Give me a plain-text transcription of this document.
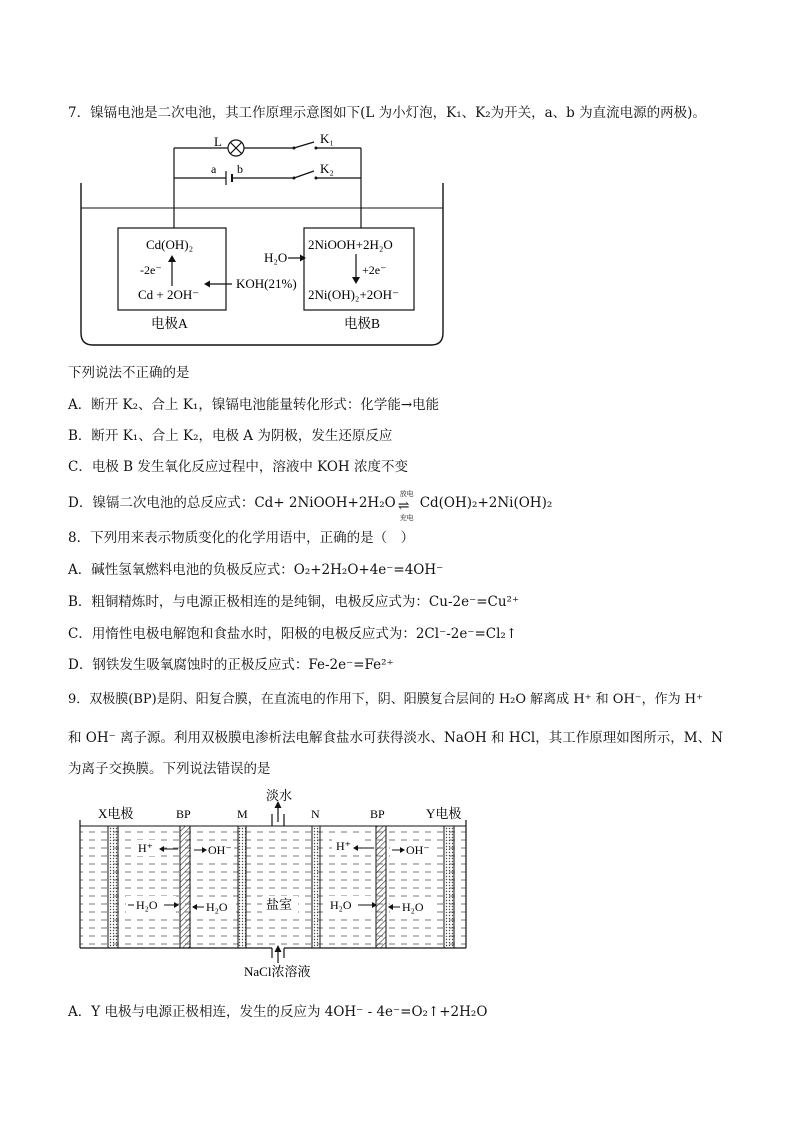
7．镍镉电池是二次电池，其工作原理示意图如下(L 为小灯泡，K₁、K₂为开关，a、b 为直流电源的两极)。
L	K₁
a b	K₂
Cd(OH)₂
-2e⁻
Cd + 2OH⁻
2NiOOH+2H₂O
+2e⁻
2Ni(OH)₂+2OH⁻
H₂O
KOH(21%)
电极A	电极B
下列说法不正确的是
A．断开 K₂、合上 K₁，镍镉电池能量转化形式：化学能→电能
B．断开 K₁、合上 K₂，电极 A 为阴极，发生还原反应
C．电极 B 发生氧化反应过程中，溶液中 KOH 浓度不变
D．镍镉二次电池的总反应式：Cd+ 2NiOOH+2H₂O
放电
⇌
充电
Cd(OH)₂+2Ni(OH)₂
8．下列用来表示物质变化的化学用语中，正确的是（　）
A．碱性氢氧燃料电池的负极反应式：O₂+2H₂O+4e⁻=4OH⁻
B．粗铜精炼时，与电源正极相连的是纯铜，电极反应式为：Cu-2e⁻=Cu²⁺
C．用惰性电极电解饱和食盐水时，阳极的电极反应式为：2Cl⁻-2e⁻=Cl₂↑
D．钢铁发生吸氧腐蚀时的正极反应式：Fe-2e⁻=Fe²⁺
9．双极膜(BP)是阴、阳复合膜，在直流电的作用下，阴、阳膜复合层间的 H₂O 解离成 H⁺ 和 OH⁻，作为 H⁺
和 OH⁻ 离子源。利用双极膜电渗析法电解食盐水可获得淡水、NaOH 和 HCl，其工作原理如图所示，M、N
为离子交换膜。下列说法错误的是
淡水
NaCl浓溶液
X电极	BP	M	N	BP	Y电极
H⁺	OH⁻
H₂O	H₂O	盐室
H⁺	OH⁻
H₂O	H₂O
A．Y 电极与电源正极相连，发生的反应为 4OH⁻ - 4e⁻=O₂↑+2H₂O
